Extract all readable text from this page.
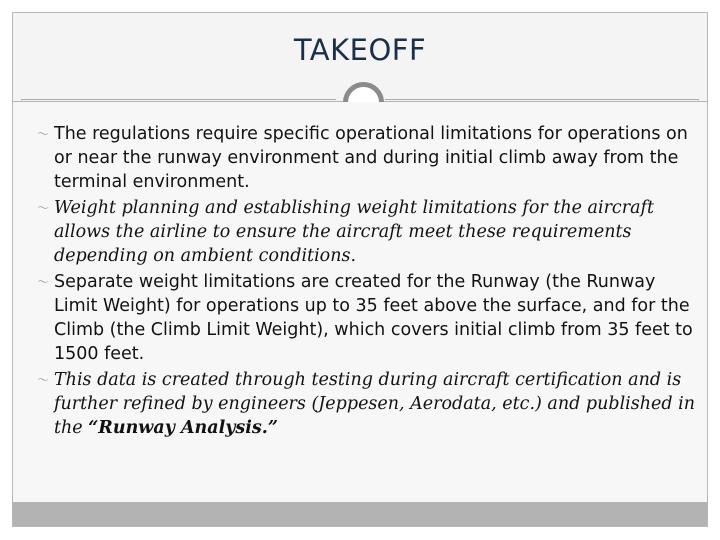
TAKEOFF
〜 The regulations require specific operational limitations for operations on or near the runway environment and during initial climb away from the terminal environment.
〜 Weight planning and establishing weight limitations for the aircraft allows the airline to ensure the aircraft meet these requirements depending on ambient conditions.
〜 Separate weight limitations are created for the Runway (the Runway Limit Weight) for operations up to 35 feet above the surface, and for the Climb (the Climb Limit Weight), which covers initial climb from 35 feet to 1500 feet.
〜 This data is created through testing during aircraft certification and is further refined by engineers (Jeppesen, Aerodata, etc.) and published in the “Runway Analysis.”
